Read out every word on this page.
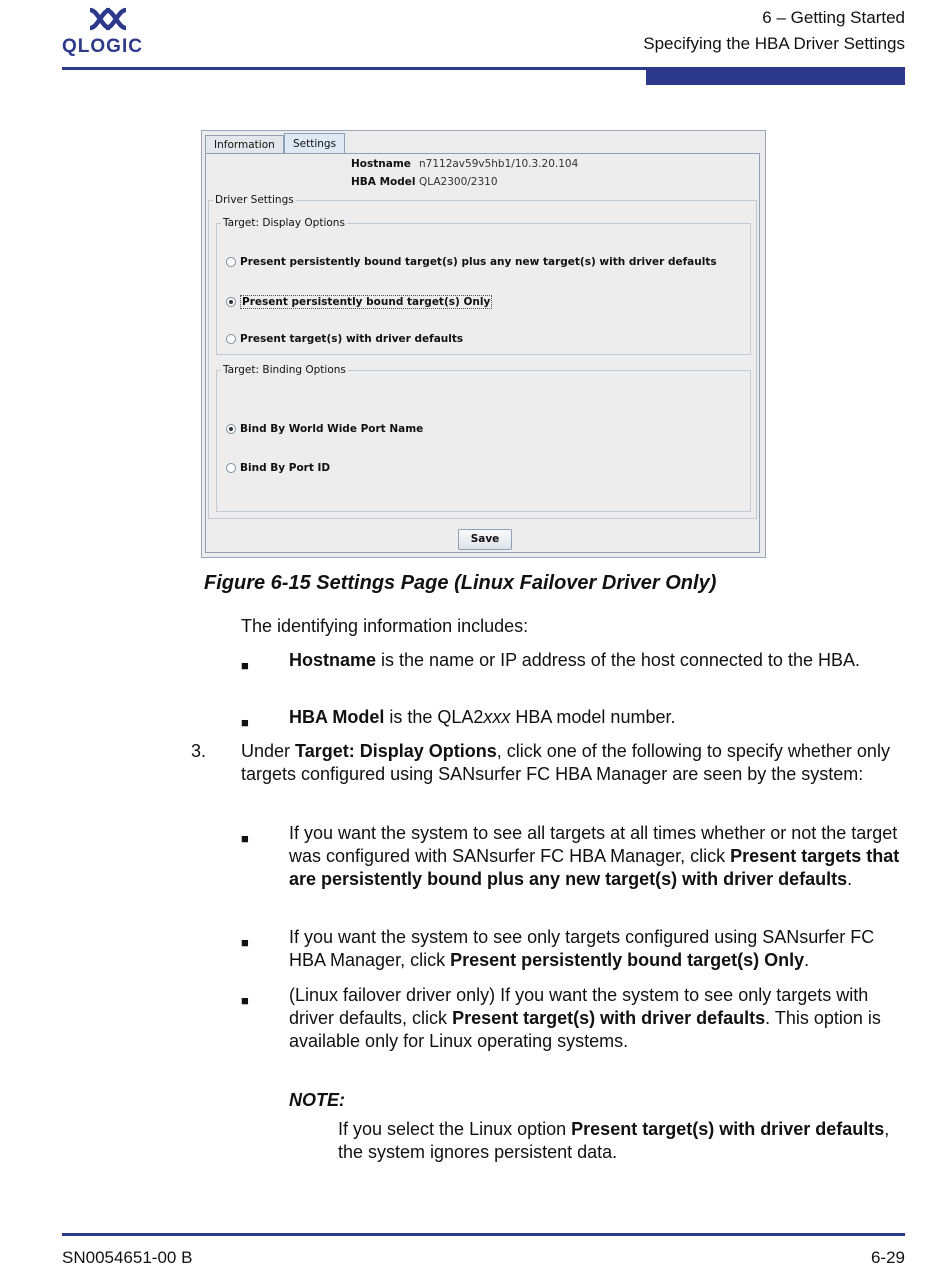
QLOGIC
6 – Getting Started
Specifying the HBA Driver Settings
Information	Settings
Hostname n7112av59v5hb1/10.3.20.104
HBA Model QLA2300/2310
Driver Settings
Target: Display Options
Present persistently bound target(s) plus any new target(s) with driver defaults
Present persistently bound target(s) Only
Present target(s) with driver defaults
Target: Binding Options
Bind By World Wide Port Name
Bind By Port ID
Save
Figure 6-15 Settings Page (Linux Failover Driver Only)
The identifying information includes:
■ Hostname is the name or IP address of the host connected to the HBA.
■ HBA Model is the QLA2xxx HBA model number.
3. Under Target: Display Options, click one of the following to specify whether only targets configured using SANsurfer FC HBA Manager are seen by the system:
■ If you want the system to see all targets at all times whether or not the target was configured with SANsurfer FC HBA Manager, click Present targets that are persistently bound plus any new target(s) with driver defaults.
■ If you want the system to see only targets configured using SANsurfer FC HBA Manager, click Present persistently bound target(s) Only.
■ (Linux failover driver only) If you want the system to see only targets with driver defaults, click Present target(s) with driver defaults. This option is available only for Linux operating systems.
NOTE:
If you select the Linux option Present target(s) with driver defaults, the system ignores persistent data.
SN0054651-00 B	6-29
